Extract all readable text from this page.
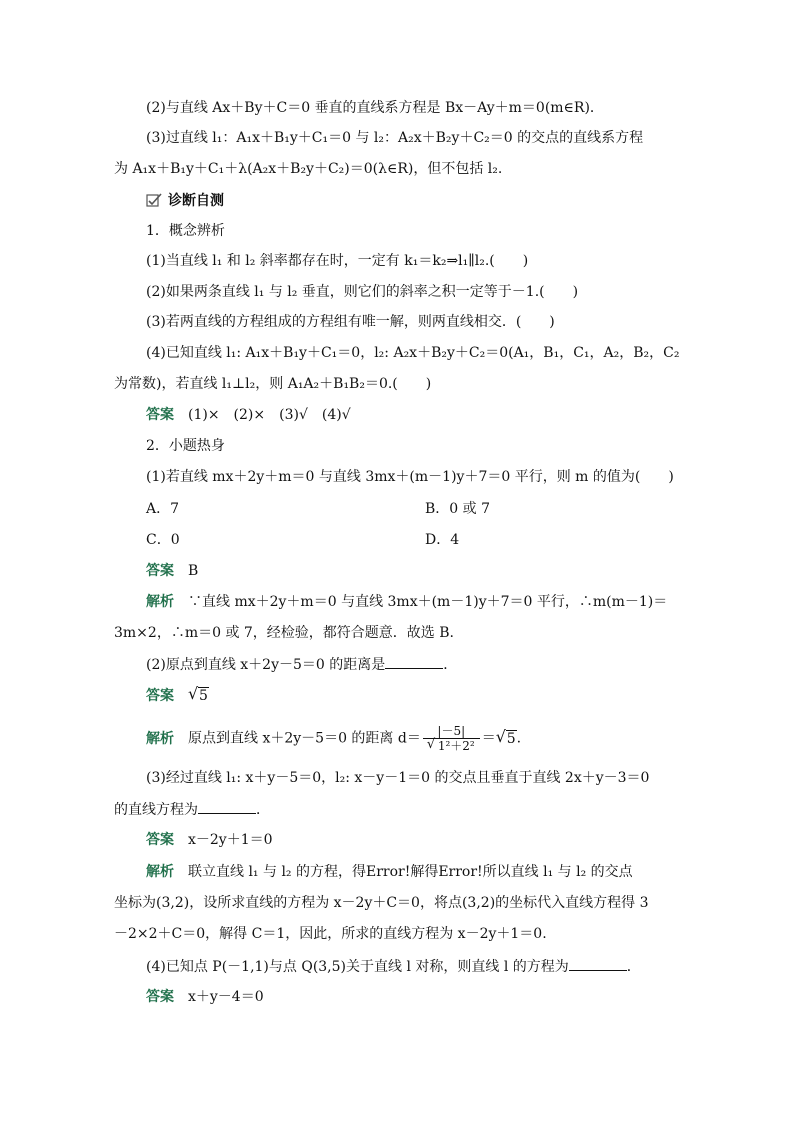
(2)与直线 Ax＋By＋C＝0 垂直的直线系方程是 Bx－Ay＋m＝0(m∈R)．
(3)过直线 l₁：A₁x＋B₁y＋C₁＝0 与 l₂：A₂x＋B₂y＋C₂＝0 的交点的直线系方程
为 A₁x＋B₁y＋C₁＋λ(A₂x＋B₂y＋C₂)＝0(λ∈R)，但不包括 l₂.
诊断自测
1．概念辨析
(1)当直线 l₁ 和 l₂ 斜率都存在时，一定有 k₁＝k₂⇒l₁∥l₂.(　　)
(2)如果两条直线 l₁ 与 l₂ 垂直，则它们的斜率之积一定等于－1.(　　)
(3)若两直线的方程组成的方程组有唯一解，则两直线相交．(　　)
(4)已知直线 l₁: A₁x＋B₁y＋C₁＝0，l₂: A₂x＋B₂y＋C₂＝0(A₁，B₁，C₁，A₂，B₂，C₂
为常数)，若直线 l₁⊥l₂，则 A₁A₂＋B₁B₂＝0.(　　)
答案 (1)×　(2)×　(3)√　(4)√
2．小题热身
(1)若直线 mx＋2y＋m＝0 与直线 3mx＋(m－1)y＋7＝0 平行，则 m 的值为(　　)
A．7	B．0 或 7
C．0	D．4
答案 B
解析 ∵直线 mx＋2y＋m＝0 与直线 3mx＋(m－1)y＋7＝0 平行，∴m(m－1)＝
3m×2，∴m＝0 或 7，经检验，都符合题意．故选 B.
(2)原点到直线 x＋2y－5＝0 的距离是	．
答案 √ 5
解析 原点到直线 x＋2y－5＝0 的距离 $d= \frac{|-5|}{\text{√ 1²＋2²}}$ ＝ √ 5.
(3)经过直线 l₁: x＋y－5＝0，l₂: x－y－1＝0 的交点且垂直于直线 2x＋y－3＝0
的直线方程为	．
答案 x－2y＋1＝0
解析 联立直线 l₁ 与 l₂ 的方程，得Error!解得Error!所以直线 l₁ 与 l₂ 的交点
坐标为(3,2)，设所求直线的方程为 x－2y＋C＝0，将点(3,2)的坐标代入直线方程得 3
－2×2＋C＝0，解得 C＝1，因此，所求的直线方程为 x－2y＋1＝0.
(4)已知点 P(－1,1)与点 Q(3,5)关于直线 l 对称，则直线 l 的方程为	．
答案 x＋y－4＝0
